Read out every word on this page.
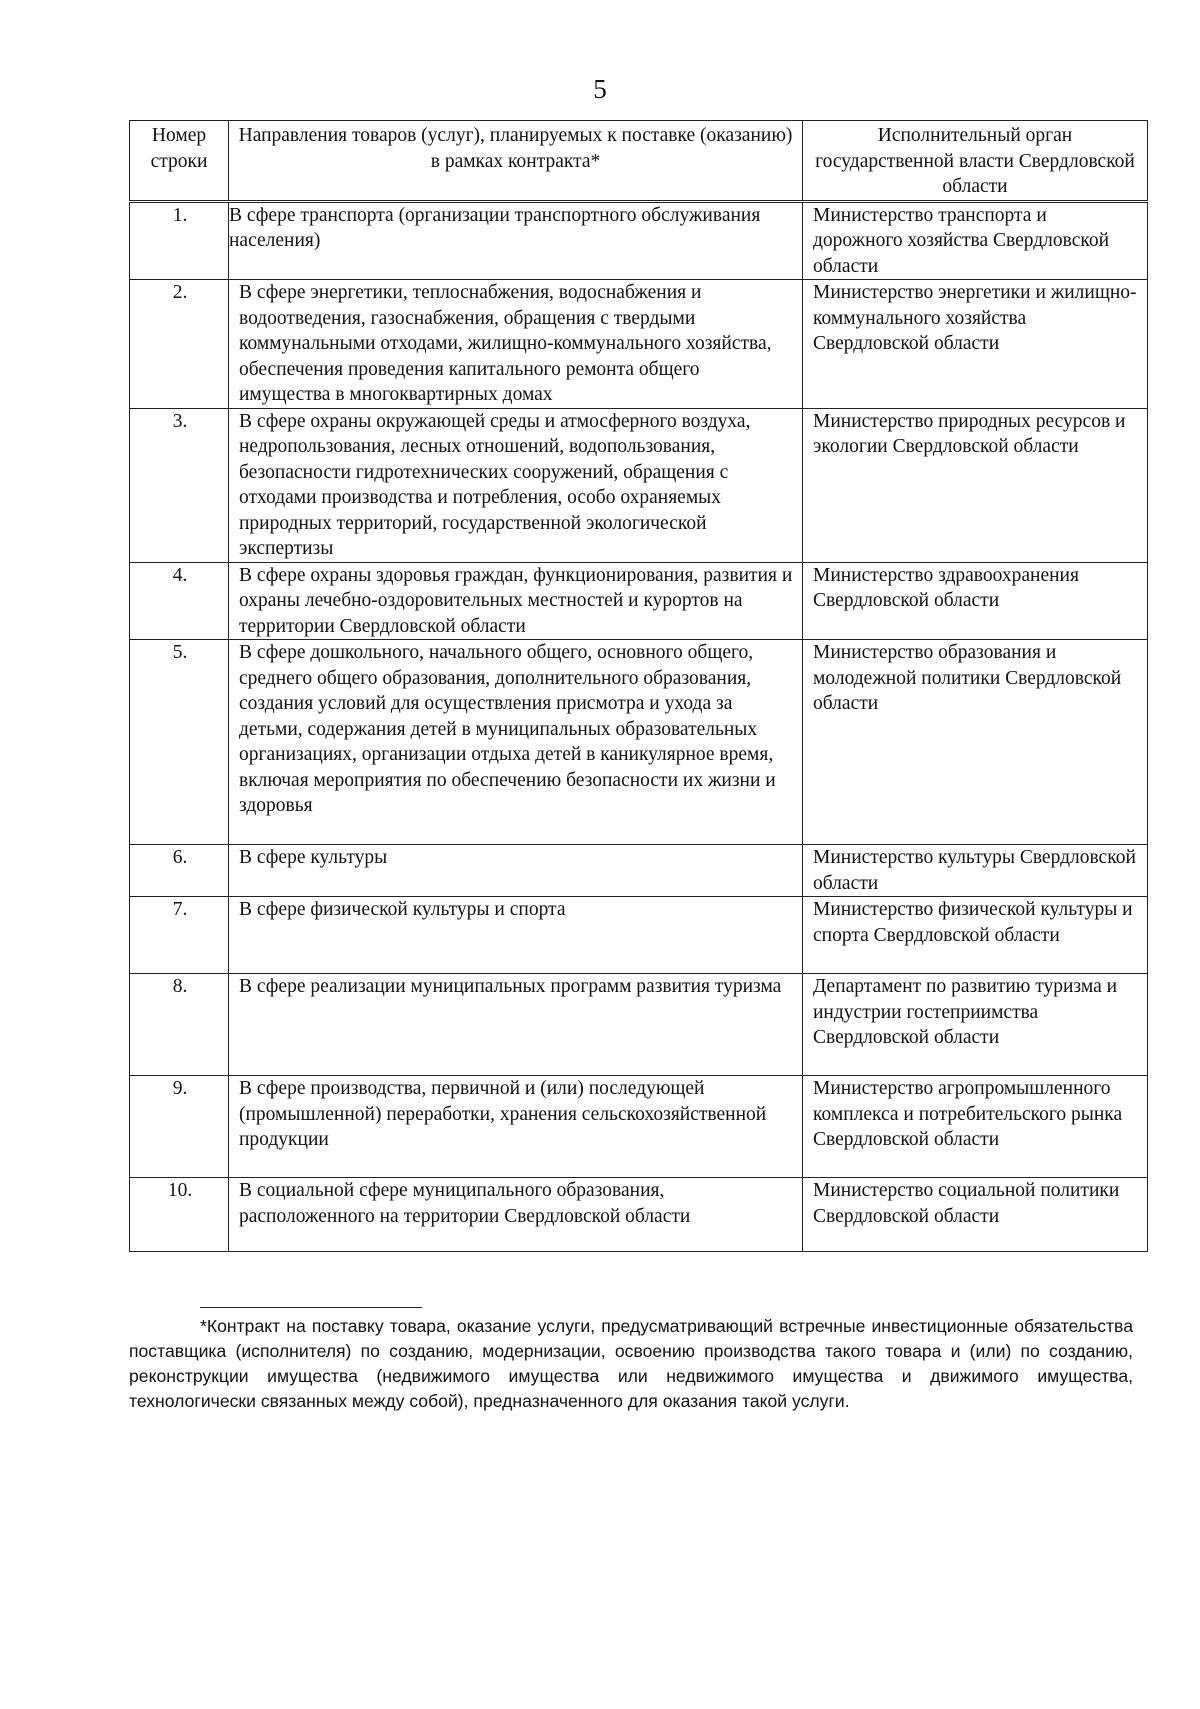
5
Номер строки	Направления товаров (услуг), планируемых к поставке (оказанию) в рамках контракта*	Исполнительный орган государственной власти Свердловской области
1.	В сфере транспорта (организации транспортного обслуживания населения)	Министерство транспорта и дорожного хозяйства Свердловской области
2.	В сфере энергетики, теплоснабжения, водоснабжения и водоотведения, газоснабжения, обращения с твердыми коммунальными отходами, жилищно-коммунального хозяйства, обеспечения проведения капитального ремонта общего имущества в многоквартирных домах	Министерство энергетики и жилищно-коммунального хозяйства Свердловской области
3.	В сфере охраны окружающей среды и атмосферного воздуха, недропользования, лесных отношений, водопользования, безопасности гидротехнических сооружений, обращения с отходами производства и потребления, особо охраняемых природных территорий, государственной экологической экспертизы	Министерство природных ресурсов и экологии Свердловской области
4.	В сфере охраны здоровья граждан, функционирования, развития и охраны лечебно-оздоровительных местностей и курортов на территории Свердловской области	Министерство здравоохранения Свердловской области
5.	В сфере дошкольного, начального общего, основного общего, среднего общего образования, дополнительного образования, создания условий для осуществления присмотра и ухода за детьми, содержания детей в муниципальных образовательных организациях, организации отдыха детей в каникулярное время, включая мероприятия по обеспечению безопасности их жизни и здоровья	Министерство образования и молодежной политики Свердловской области
6.	В сфере культуры	Министерство культуры Свердловской области
7.	В сфере физической культуры и спорта	Министерство физической культуры и спорта Свердловской области
8.	В сфере реализации муниципальных программ развития туризма	Департамент по развитию туризма и индустрии гостеприимства Свердловской области
9.	В сфере производства, первичной и (или) последующей (промышленной) переработки, хранения сельскохозяйственной продукции	Министерство агропромышленного комплекса и потребительского рынка Свердловской области
10.	В социальной сфере муниципального образования, расположенного на территории Свердловской области	Министерство социальной политики Свердловской области
*Контракт на поставку товара, оказание услуги, предусматривающий встречные инвестиционные обязательства поставщика (исполнителя) по созданию, модернизации, освоению производства такого товара и (или) по созданию, реконструкции имущества (недвижимого имущества или недвижимого имущества и движимого имущества, технологически связанных между собой), предназначенного для оказания такой услуги.
